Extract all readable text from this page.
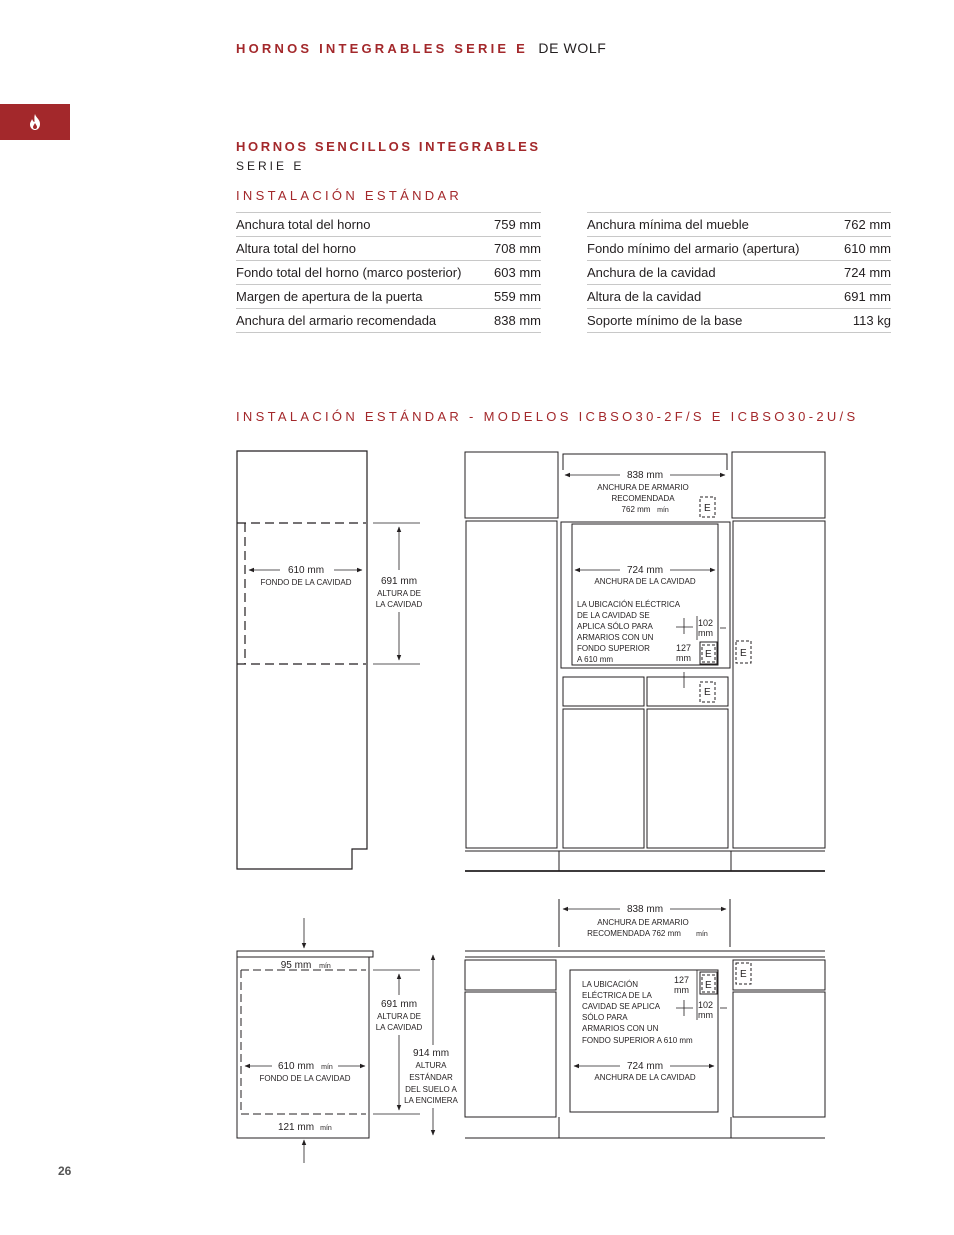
HORNOS INTEGRABLES SERIE E DE WOLF
HORNOS SENCILLOS INTEGRABLES
SERIE E
INSTALACIÓN ESTÁNDAR
Anchura total del horno	759 mm
Altura total del horno	708 mm
Fondo total del horno (marco posterior)	603 mm
Margen de apertura de la puerta	559 mm
Anchura del armario recomendada	838 mm
Anchura mínima del mueble	762 mm
Fondo mínimo del armario (apertura)	610 mm
Anchura de la cavidad	724 mm
Altura de la cavidad	691 mm
Soporte mínimo de la base	113 kg
INSTALACIÓN ESTÁNDAR - MODELOS ICBSO30-2F/S E ICBSO30-2U/S
610 mm
FONDO DE LA CAVIDAD	691 mm
ALTURA DE
LA CAVIDAD
838 mm
ANCHURA DE ARMARIO
RECOMENDADA
762 mm mín
724 mm
ANCHURA DE LA CAVIDAD
LA UBICACIÓN ELÉCTRICA
DE LA CAVIDAD SE
APLICA SÓLO PARA
ARMARIOS CON UN
FONDO SUPERIOR
A 610 mm
102
mm
127
mm
E
E
E
E
95 mm mín
691 mm
ALTURA DE
LA CAVIDAD
610 mm mín
FONDO DE LA CAVIDAD
914 mm
ALTURA
ESTÁNDAR
DEL SUELO A
LA ENCIMERA
121 mm mín
838 mm
ANCHURA DE ARMARIO
RECOMENDADA 762 mm mín
LA UBICACIÓN
ELÉCTRICA DE LA
CAVIDAD SE APLICA
SÓLO PARA
ARMARIOS CON UN
FONDO SUPERIOR A 610 mm
127
mm
102
mm
724 mm
ANCHURA DE LA CAVIDAD
E
E
26
